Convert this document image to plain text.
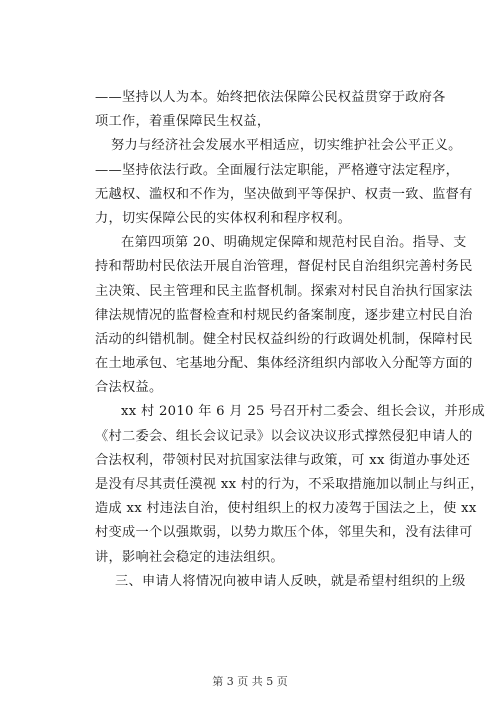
——坚持以人为本。始终把依法保障公民权益贯穿于政府各
项工作，着重保障民生权益，
努力与经济社会发展水平相适应，切实维护社会公平正义。
——坚持依法行政。全面履行法定职能，严格遵守法定程序，
无越权、滥权和不作为，坚决做到平等保护、权责一致、监督有
力，切实保障公民的实体权利和程序权利。
在第四项第 20、明确规定保障和规范村民自治。指导、支
持和帮助村民依法开展自治管理，督促村民自治组织完善村务民
主决策、民主管理和民主监督机制。探索对村民自治执行国家法
律法规情况的监督检查和村规民约备案制度，逐步建立村民自治
活动的纠错机制。健全村民权益纠纷的行政调处机制，保障村民
在土地承包、宅基地分配、集体经济组织内部收入分配等方面的
合法权益。
xx 村 2010 年 6 月 25 号召开村二委会、组长会议，并形成
《村二委会、组长会议记录》以会议决议形式撑然侵犯申请人的
合法权利，带领村民对抗国家法律与政策，可 xx 街道办事处还
是没有尽其责任漠视 xx 村的行为，不采取措施加以制止与纠正，
造成 xx 村违法自治，使村组织上的权力凌驾于国法之上，使 xx
村变成一个以强欺弱，以势力欺压个体，邻里失和，没有法律可
讲，影响社会稳定的违法组织。
三、申请人将情况向被申请人反映，就是希望村组织的上级
第 3 页 共 5 页
